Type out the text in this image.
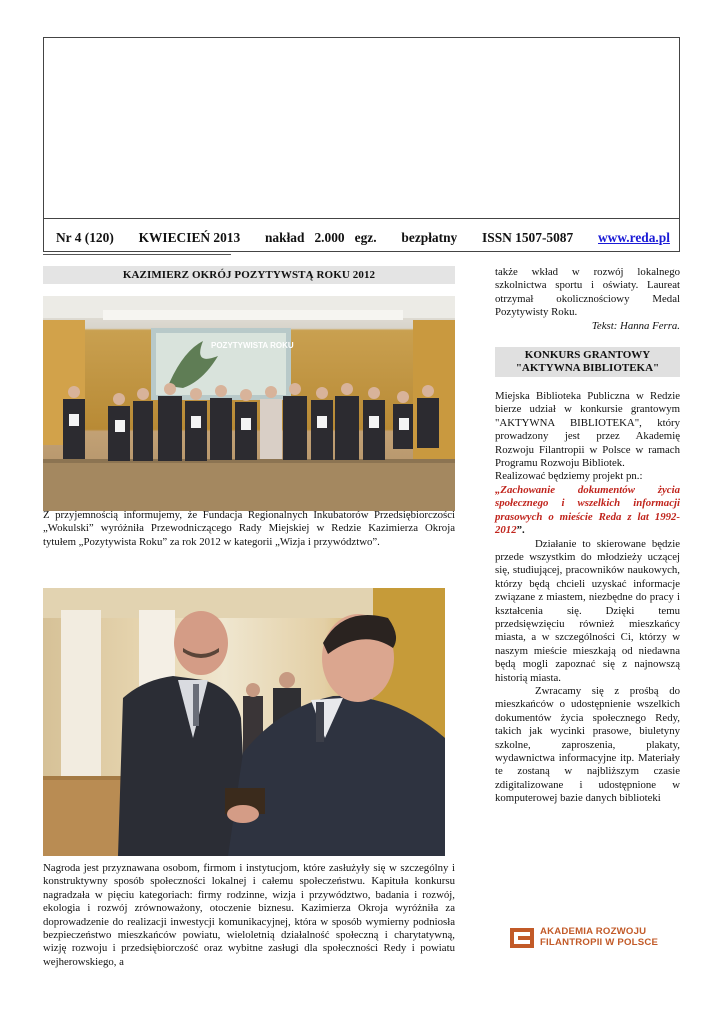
Nr 4 (120) KWIECIEŃ 2013 nakład 2.000 egz. bezpłatny ISSN 1507-5087 www.reda.pl
KAZIMIERZ OKRÓJ POZYTYWSTĄ ROKU 2012
POZYTYWISTA ROKU

Z przyjemnością informujemy, że Fundacja Regionalnych Inkubatorów Przedsiębiorczości „Wokulski” wyróżniła Przewodniczącego Rady Miejskiej w Redzie Kazimierza Okroja tytułem „Pozytywista Roku” za rok 2012 w kategorii „Wizja i przywództwo”.

Nagroda jest przyznawana osobom, firmom i instytucjom, które zasłużyły się w szczególny i konstruktywny sposób społeczności lokalnej i całemu społeczeństwu. Kapituła konkursu nagradzała w pięciu kategoriach: firmy rodzinne, wizja i przywództwo, badania i rozwój, ekologia i rozwój zrównoważony, otoczenie biznesu. Kazimierza Okroja wyróżniła za doprowadzenie do realizacji inwestycji komunikacyjnej, która w sposób wymierny podniosła bezpieczeństwo mieszkańców powiatu, wieloletnią działalność społeczną i charytatywną, wizję rozwoju i przedsiębiorczość oraz wybitne zasługi dla społeczności Redy i powiatu wejherowskiego, a

także wkład w rozwój lokalnego szkolnictwa sportu i oświaty. Laureat otrzymał okolicznościowy Medal Pozytywisty Roku.

Tekst: Hanna Ferra.

KONKURS GRANTOWY
"AKTYWNA BIBLIOTEKA"

Miejska Biblioteka Publiczna w Redzie bierze udział w konkursie grantowym "AKTYWNA BIBLIOTEKA", który prowadzony jest przez Akademię Rozwoju Filantropii w Polsce w ramach Programu Rozwoju Bibliotek.
Realizować będziemy projekt pn.:

„Zachowanie dokumentów życia społecznego i wszelkich informacji prasowych o mieście Reda z lat 1992-2012”.

Działanie to skierowane będzie przede wszystkim do młodzieży uczącej się, studiującej, pracowników naukowych, którzy będą chcieli uzyskać informacje związane z miastem, niezbędne do pracy i kształcenia się. Dzięki temu przedsięwzięciu również mieszkańcy miasta, a w szczególności Ci, którzy w naszym mieście mieszkają od niedawna będą mogli zapoznać się z najnowszą historią miasta.

Zwracamy się z prośbą do mieszkańców o udostępnienie wszelkich dokumentów życia społecznego Redy, takich jak wycinki prasowe, biuletyny szkolne, zaproszenia, plakaty, wydawnictwa informacyjne itp. Materiały te zostaną w najbliższym czasie zdigitalizowane i udostępnione w komputerowej bazie danych biblioteki

AKADEMIA ROZWOJU
FILANTROPII W POLSCE
